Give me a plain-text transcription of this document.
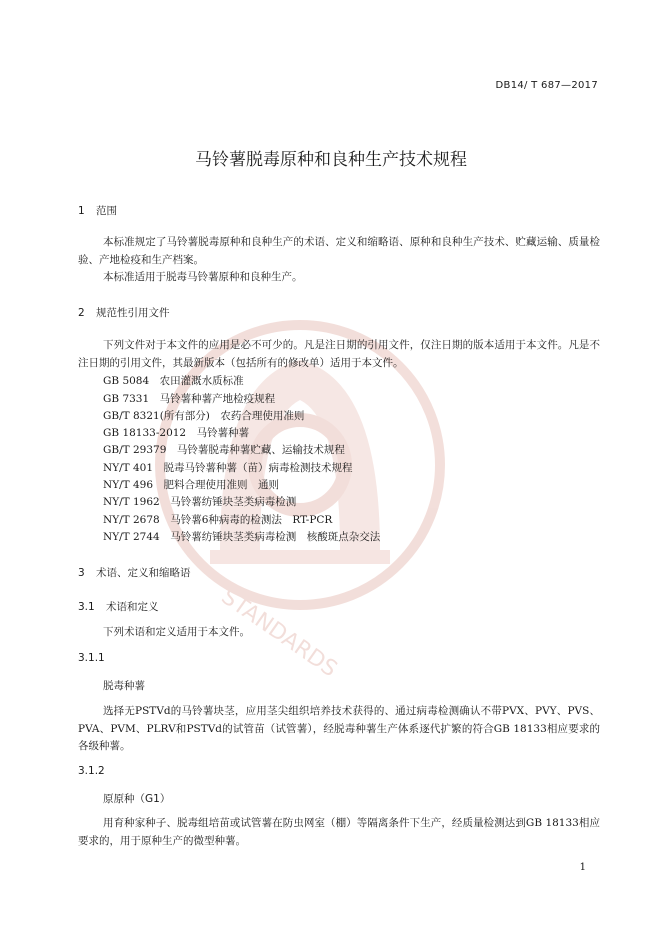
STANDARDS
DB14/ T 687—2017
马铃薯脱毒原种和良种生产技术规程
1 范围

本标准规定了马铃薯脱毒原种和良种生产的术语、定义和缩略语、原种和良种生产技术、贮藏运输、质量检验、产地检疫和生产档案。

本标准适用于脱毒马铃薯原种和良种生产。

2 规范性引用文件

下列文件对于本文件的应用是必不可少的。凡是注日期的引用文件，仅注日期的版本适用于本文件。凡是不注日期的引用文件，其最新版本（包括所有的修改单）适用于本文件。

GB 5084　 农田灌溉水质标准
GB 7331　 马铃薯种薯产地检疫规程
GB/T 8321(所有部分)　 农药合理使用准则
GB 18133-2012　 马铃薯种薯
GB/T 29379　 马铃薯脱毒种薯贮藏、运输技术规程
NY/T 401　 脱毒马铃薯种薯（苗）病毒检测技术规程
NY/T 496　 肥料合理使用准则　通则
NY/T 1962　 马铃薯纺锤块茎类病毒检测
NY/T 2678　 马铃薯6种病毒的检测法　RT-PCR
NY/T 2744　 马铃薯纺锤块茎类病毒检测　核酸斑点杂交法
3 术语、定义和缩略语
3.1 术语和定义

下列术语和定义适用于本文件。

3.1.1
脱毒种薯

选择无PSTVd的马铃薯块茎，应用茎尖组织培养技术获得的、通过病毒检测确认不带PVX、PVY、PVS、PVA、PVM、PLRV和PSTVd的试管苗（试管薯），经脱毒种薯生产体系逐代扩繁的符合GB 18133相应要求的各级种薯。

3.1.2
原原种（G1）

用育种家种子、脱毒组培苗或试管薯在防虫网室（棚）等隔离条件下生产，经质量检测达到GB 18133相应要求的，用于原种生产的微型种薯。

1
